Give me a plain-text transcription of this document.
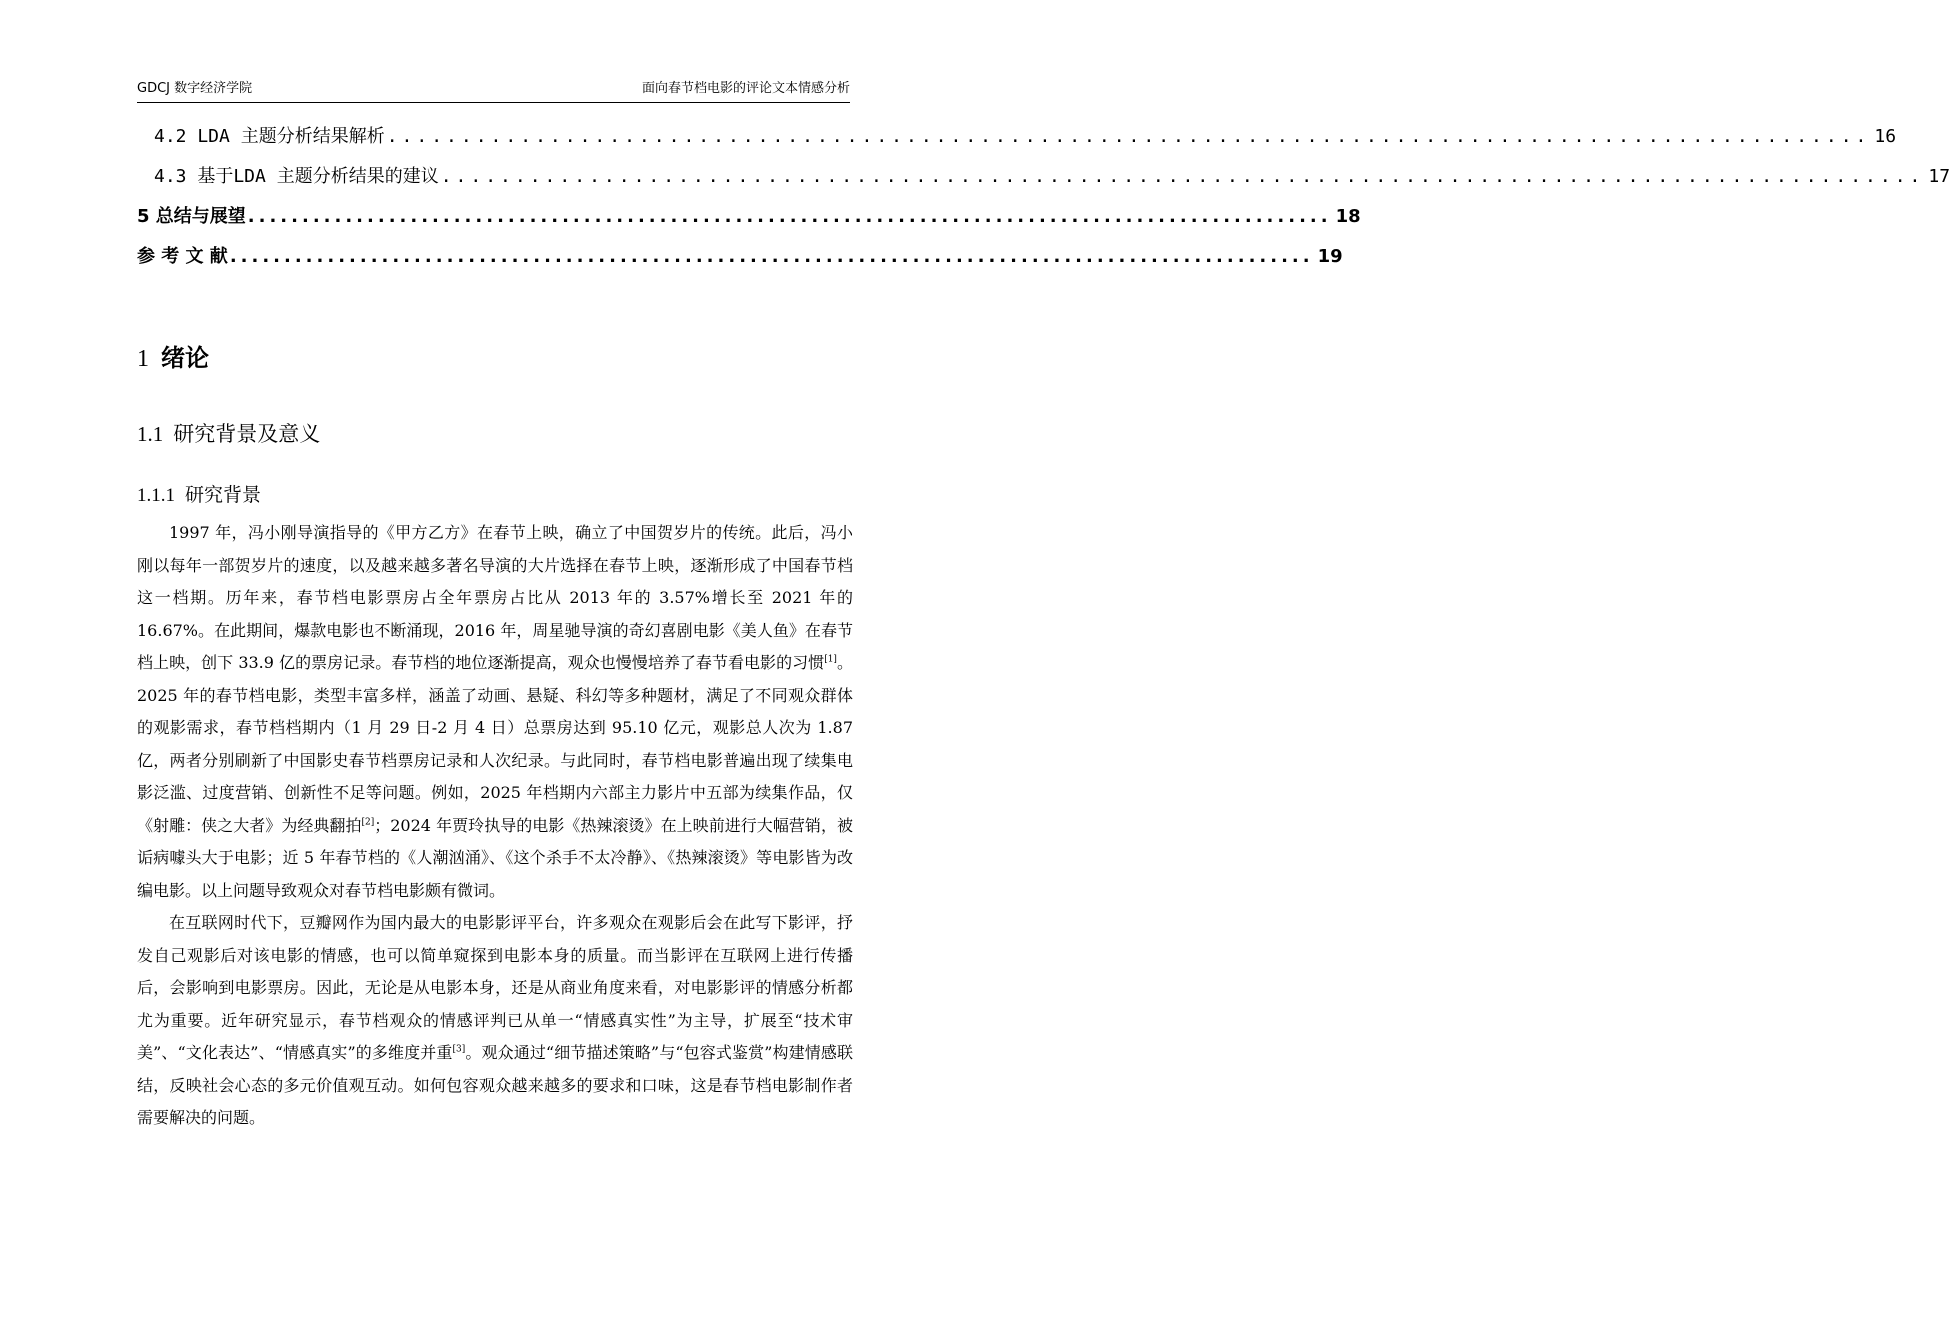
GDCJ 数字经济学院	面向春节档电影的评论文本情感分析
4.2 LDA 主题分析结果解析 .................................................................................................... 16
4.3 基于LDA 主题分析结果的建议 .................................................................................................... 17
5 总结与展望 .................................................................................................... 18
参 考 文 献 .................................................................................................... 19
1 绪论
1.1 研究背景及意义
1.1.1 研究背景

1997 年，冯小刚导演指导的《甲方乙方》在春节上映，确立了中国贺岁片的传统。此后，冯小刚以每年一部贺岁片的速度，以及越来越多著名导演的大片选择在春节上映，逐渐形成了中国春节档这一档期。历年来，春节档电影票房占全年票房占比从 2013 年的 3.57%增长至 2021 年的 16.67%。在此期间，爆款电影也不断涌现，2016 年，周星驰导演的奇幻喜剧电影《美人鱼》在春节档上映，创下 33.9 亿的票房记录。春节档的地位逐渐提高，观众也慢慢培养了春节看电影的习惯[1]。2025 年的春节档电影，类型丰富多样，涵盖了动画、悬疑、科幻等多种题材，满足了不同观众群体的观影需求，春节档档期内（1 月 29 日-2 月 4 日）总票房达到 95.10 亿元，观影总人次为 1.87 亿，两者分别刷新了中国影史春节档票房记录和人次纪录。与此同时，春节档电影普遍出现了续集电影泛滥、过度营销、创新性不足等问题。例如，2025 年档期内六部主力影片中五部为续集作品，仅《射雕：侠之大者》为经典翻拍[2]；2024 年贾玲执导的电影《热辣滚烫》在上映前进行大幅营销，被诟病噱头大于电影；近 5 年春节档的《人潮汹涌》、《这个杀手不太冷静》、《热辣滚烫》等电影皆为改编电影。以上问题导致观众对春节档电影颇有微词。

在互联网时代下，豆瓣网作为国内最大的电影影评平台，许多观众在观影后会在此写下影评，抒发自己观影后对该电影的情感，也可以简单窥探到电影本身的质量。而当影评在互联网上进行传播后，会影响到电影票房。因此，无论是从电影本身，还是从商业角度来看，对电影影评的情感分析都尤为重要。近年研究显示，春节档观众的情感评判已从单一“情感真实性”为主导，扩展至“技术审美”、“文化表达”、“情感真实”的多维度并重[3]。观众通过“细节描述策略”与“包容式鉴赏”构建情感联结，反映社会心态的多元价值观互动。如何包容观众越来越多的要求和口味，这是春节档电影制作者需要解决的问题。
